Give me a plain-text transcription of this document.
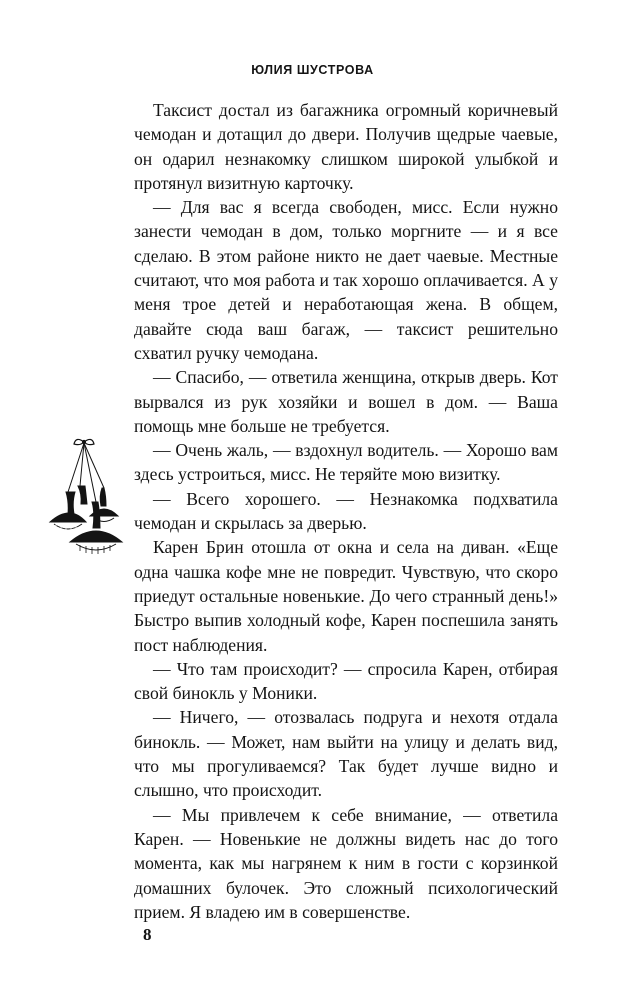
ЮЛИЯ ШУСТРОВА

Таксист достал из багажника огромный коричневый чемодан и дотащил до двери. Получив щедрые чаевые, он одарил незнакомку слишком широкой улыбкой и протянул визитную карточку.

— Для вас я всегда свободен, мисс. Если нужно занести чемодан в дом, только моргните — и я все сделаю. В этом районе никто не дает чаевые. Местные считают, что моя работа и так хорошо оплачивается. А у меня трое детей и неработающая жена. В общем, давайте сюда ваш багаж, — таксист решительно схватил ручку чемодана.

— Спасибо, — ответила женщина, открыв дверь. Кот вырвался из рук хозяйки и вошел в дом. — Ваша помощь мне больше не требуется.

— Очень жаль, — вздохнул водитель. — Хорошо вам здесь устроиться, мисс. Не теряйте мою визитку.

— Всего хорошего. — Незнакомка подхватила чемодан и скрылась за дверью.

Карен Брин отошла от окна и села на диван. «Еще одна чашка кофе мне не повредит. Чувствую, что скоро приедут остальные новенькие. До чего странный день!» Быстро выпив холодный кофе, Карен поспешила занять пост наблюдения.

— Что там происходит? — спросила Карен, отбирая свой бинокль у Моники.

— Ничего, — отозвалась подруга и нехотя отдала бинокль. — Может, нам выйти на улицу и делать вид, что мы прогуливаемся? Так будет лучше видно и слышно, что происходит.

— Мы привлечем к себе внимание, — ответила Карен. — Новенькие не должны видеть нас до того момента, как мы нагрянем к ним в гости с корзинкой домашних булочек. Это сложный психологический прием. Я владею им в совершенстве.

8
